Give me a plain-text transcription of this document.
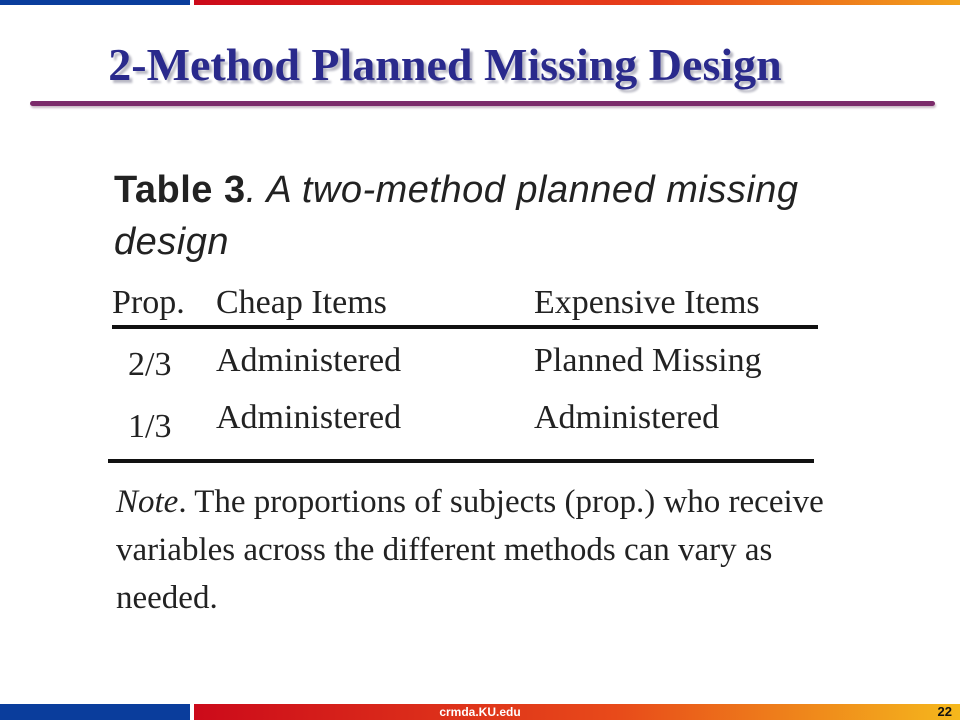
2-Method Planned Missing Design
Table 3. A two-method planned missing design
Prop. Cheap Items	Expensive Items
2/3 Administered	Planned Missing
1/3 Administered	Administered
Note. The proportions of subjects (prop.) who receive variables across the different methods can vary as needed.
crmda.KU.edu	22
